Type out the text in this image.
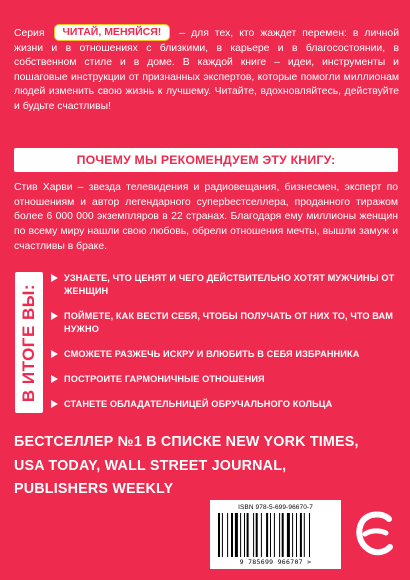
Серия ЧИТАЙ, МЕНЯЙСЯ! – для тех, кто жаждет перемен: в личной жизни и в отношениях с близкими, в карьере и в благосостоянии, в собственном стиле и в доме. В каждой книге – идеи, инструменты и пошаговые инструкции от признанных экспертов, которые помогли миллионам людей изменить свою жизнь к лучшему. Читайте, вдохновляйтесь, действуйте и будьте счастливы!
ПОЧЕМУ МЫ РЕКОМЕНДУЕМ ЭТУ КНИГУ:
Стив Харви – звезда телевидения и радиовещания, бизнесмен, эксперт по отношениям и автор легендарного суперbестселлера, проданного тиражом более 6 000 000 экземпляров в 22 странах. Благодаря ему миллионы женщин по всему миру нашли свою любовь, обрели отношения мечты, вышли замуж и счастливы в браке.
В ИТОГЕ ВЫ:
УЗНАЕТЕ, ЧТО ЦЕНЯТ И ЧЕГО ДЕЙСТВИТЕЛЬНО ХОТЯТ МУЖЧИНЫ ОТ ЖЕНЩИН
ПОЙМЕТЕ, КАК ВЕСТИ СЕБЯ, ЧТОБЫ ПОЛУЧАТЬ ОТ НИХ ТО, ЧТО ВАМ НУЖНО
СМОЖЕТЕ РАЗЖЕЧЬ ИСКРУ И ВЛЮБИТЬ В СЕБЯ ИЗБРАННИКА
ПОСТРОИТЕ ГАРМОНИЧНЫЕ ОТНОШЕНИЯ
СТАНЕТЕ ОБЛАДАТЕЛЬНИЦЕЙ ОБРУЧАЛЬНОГО КОЛЬЦА
БЕСТСЕЛЛЕР №1 В СПИСКЕ NEW YORK TIMES,
USA TODAY, WALL STREET JOURNAL,
PUBLISHERS WEEKLY
ISBN 978-5-699-96670-7
9 785699 966707 >
